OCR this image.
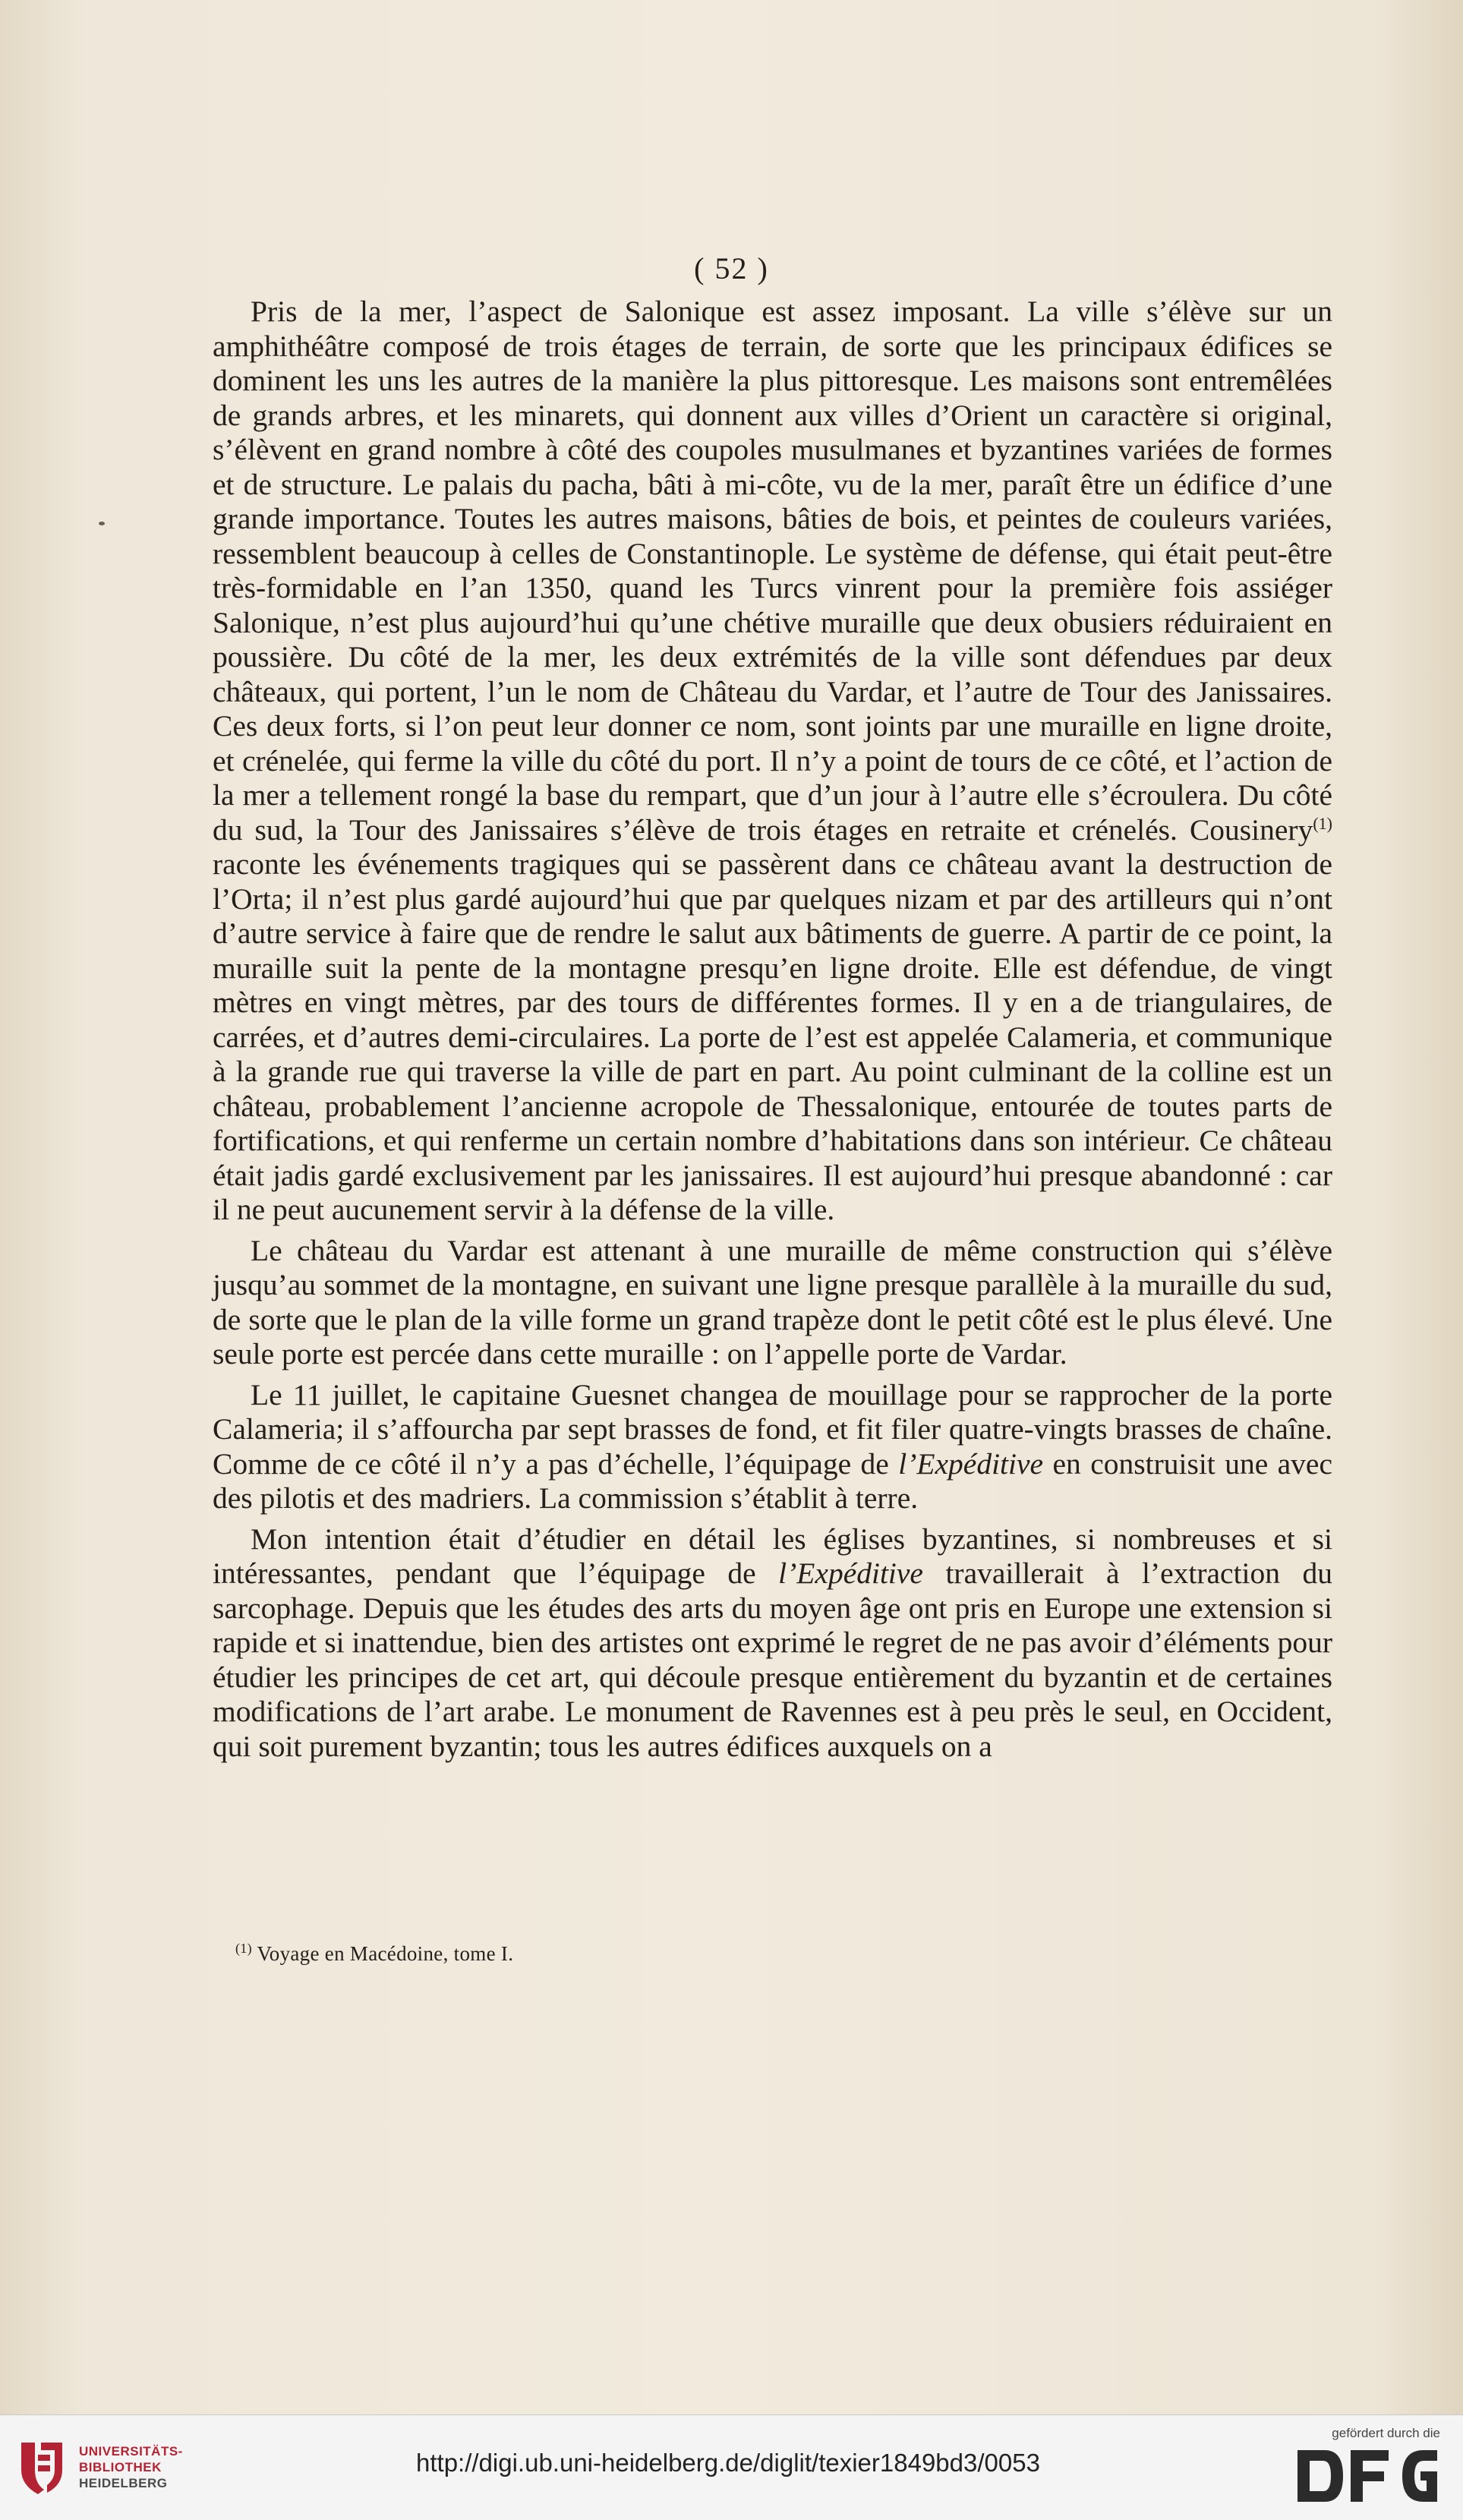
( 52 )

Pris de la mer, l’aspect de Salonique est assez imposant. La ville s’élève sur un amphithéâtre composé de trois étages de terrain, de sorte que les principaux édifices se dominent les uns les autres de la manière la plus pittoresque. Les maisons sont entremêlées de grands arbres, et les minarets, qui donnent aux villes d’Orient un caractère si original, s’élèvent en grand nombre à côté des coupoles musulmanes et byzantines variées de formes et de structure. Le palais du pacha, bâti à mi-côte, vu de la mer, paraît être un édifice d’une grande importance. Toutes les autres maisons, bâties de bois, et peintes de couleurs variées, ressemblent beaucoup à celles de Constantinople. Le système de défense, qui était peut-être très-formidable en l’an 1350, quand les Turcs vinrent pour la première fois assiéger Salonique, n’est plus aujourd’hui qu’une chétive muraille que deux obusiers réduiraient en poussière. Du côté de la mer, les deux extrémités de la ville sont défendues par deux châteaux, qui portent, l’un le nom de Château du Vardar, et l’autre de Tour des Janissaires. Ces deux forts, si l’on peut leur donner ce nom, sont joints par une muraille en ligne droite, et crénelée, qui ferme la ville du côté du port. Il n’y a point de tours de ce côté, et l’action de la mer a tellement rongé la base du rempart, que d’un jour à l’autre elle s’écroulera. Du côté du sud, la Tour des Janissaires s’élève de trois étages en retraite et crénelés. Cousinery$^{(1)}$ raconte les événements tragiques qui se passèrent dans ce château avant la destruction de l’Orta; il n’est plus gardé aujourd’hui que par quelques nizam et par des artilleurs qui n’ont d’autre service à faire que de rendre le salut aux bâtiments de guerre. A partir de ce point, la muraille suit la pente de la montagne presqu’en ligne droite. Elle est défendue, de vingt mètres en vingt mètres, par des tours de différentes formes. Il y en a de triangulaires, de carrées, et d’autres demi-circulaires. La porte de l’est est appelée Calameria, et communique à la grande rue qui traverse la ville de part en part. Au point culminant de la colline est un château, probablement l’ancienne acropole de Thessalonique, entourée de toutes parts de fortifications, et qui renferme un certain nombre d’habitations dans son intérieur. Ce château était jadis gardé exclusivement par les janissaires. Il est aujourd’hui presque abandonné : car il ne peut aucunement servir à la défense de la ville.

Le château du Vardar est attenant à une muraille de même construction qui s’élève jusqu’au sommet de la montagne, en suivant une ligne presque parallèle à la muraille du sud, de sorte que le plan de la ville forme un grand trapèze dont le petit côté est le plus élevé. Une seule porte est percée dans cette muraille : on l’appelle porte de Vardar.

Le 11 juillet, le capitaine Guesnet changea de mouillage pour se rapprocher de la porte Calameria; il s’affourcha par sept brasses de fond, et fit filer quatre-vingts brasses de chaîne. Comme de ce côté il n’y a pas d’échelle, l’équipage de l’Expéditive en construisit une avec des pilotis et des madriers. La commission s’établit à terre.

Mon intention était d’étudier en détail les églises byzantines, si nombreuses et si intéressantes, pendant que l’équipage de l’Expéditive travaillerait à l’extraction du sarcophage. Depuis que les études des arts du moyen âge ont pris en Europe une extension si rapide et si inattendue, bien des artistes ont exprimé le regret de ne pas avoir d’éléments pour étudier les principes de cet art, qui découle presque entièrement du byzantin et de certaines modifications de l’art arabe. Le monument de Ravennes est à peu près le seul, en Occident, qui soit purement byzantin; tous les autres édifices auxquels on a

$^{(1)}$ Voyage en Macédoine, tome I.
UNIVERSITÄTS-
BIBLIOTHEK
HEIDELBERG
http://digi.ub.uni-heidelberg.de/diglit/texier1849bd3/0053
gefördert durch die
